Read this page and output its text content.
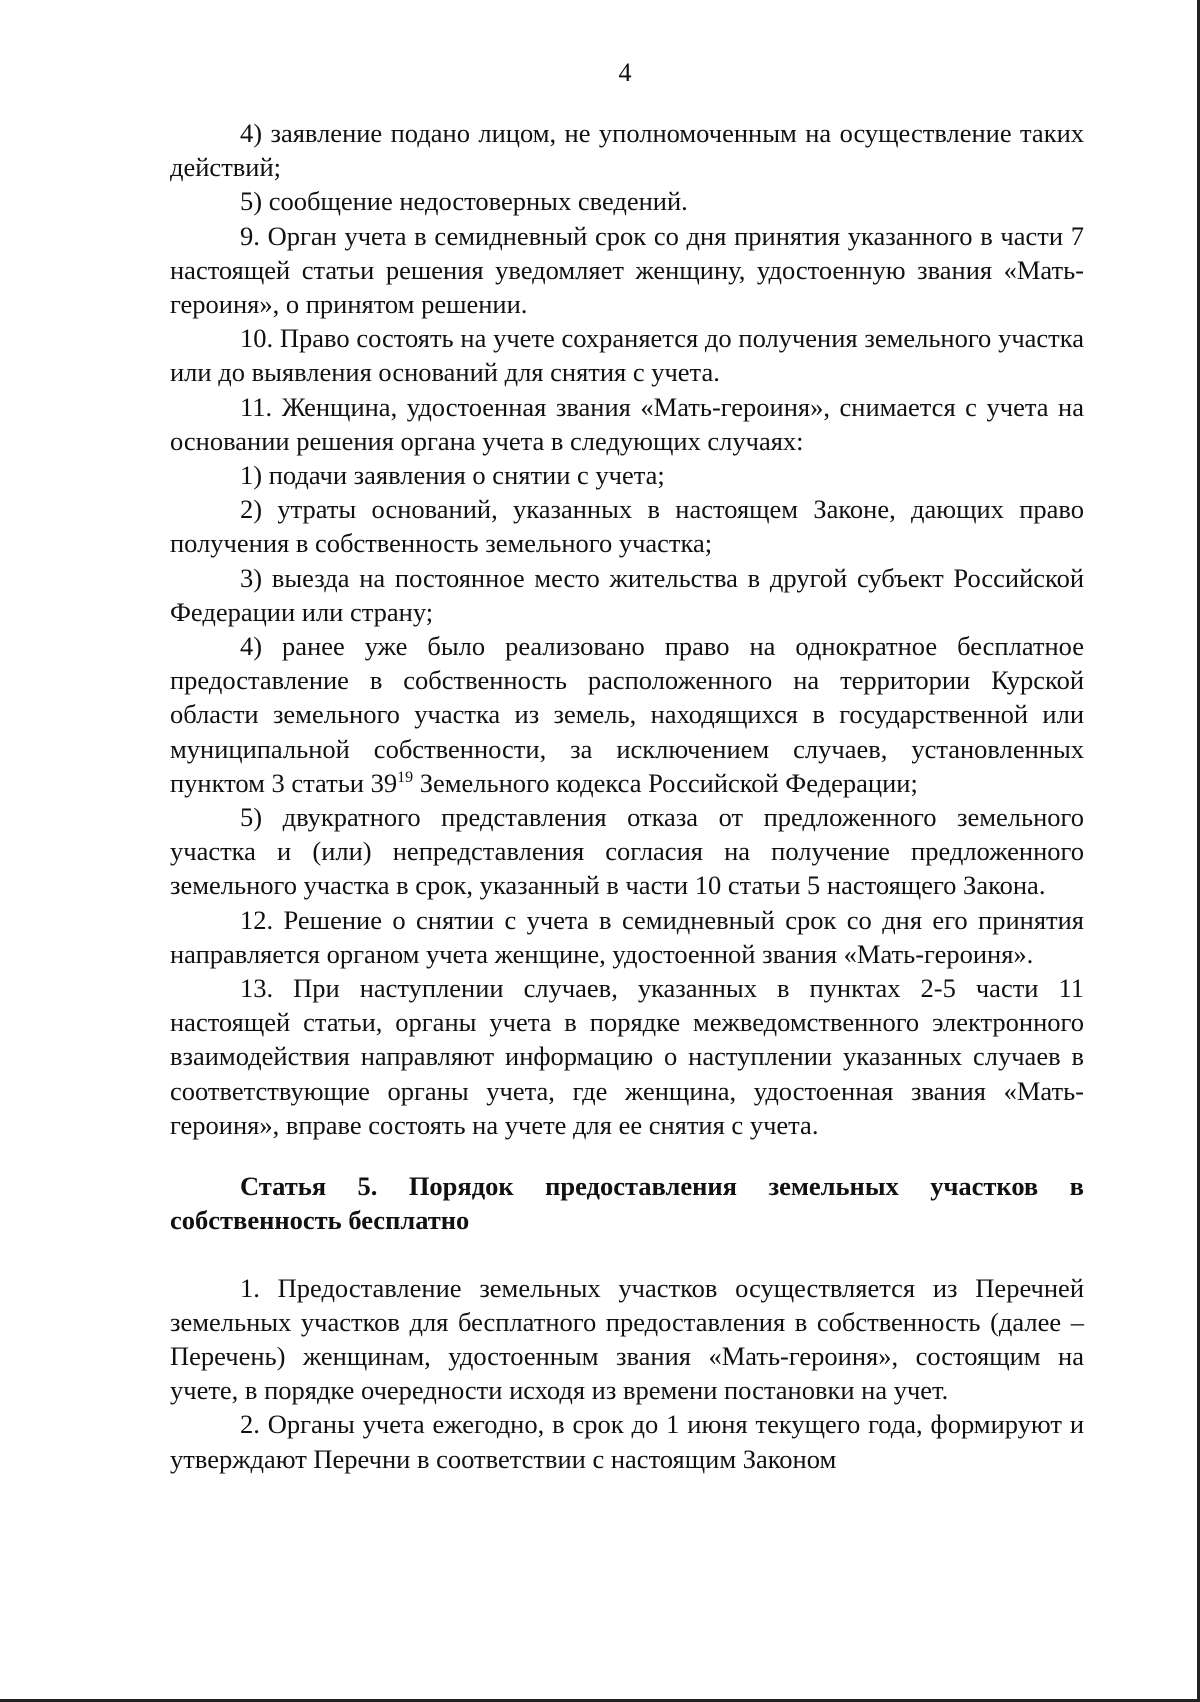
4

4) заявление подано лицом, не уполномоченным на осуществление таких действий;

5) сообщение недостоверных сведений.

9. Орган учета в семидневный срок со дня принятия указанного в части 7 настоящей статьи решения уведомляет женщину, удостоенную звания «Мать-героиня», о принятом решении.

10. Право состоять на учете сохраняется до получения земельного участка или до выявления оснований для снятия с учета.

11. Женщина, удостоенная звания «Мать-героиня», снимается с учета на основании решения органа учета в следующих случаях:

1) подачи заявления о снятии с учета;

2) утраты оснований, указанных в настоящем Законе, дающих право получения в собственность земельного участка;

3) выезда на постоянное место жительства в другой субъект Российской Федерации или страну;

4) ранее уже было реализовано право на однократное бесплатное предоставление в собственность расположенного на территории Курской области земельного участка из земель, находящихся в государственной или муниципальной собственности, за исключением случаев, установленных пунктом 3 статьи $39^{19}$ Земельного кодекса Российской Федерации;

5) двукратного представления отказа от предложенного земельного участка и (или) непредставления согласия на получение предложенного земельного участка в срок, указанный в части 10 статьи 5 настоящего Закона.

12. Решение о снятии с учета в семидневный срок со дня его принятия направляется органом учета женщине, удостоенной звания «Мать-героиня».

13. При наступлении случаев, указанных в пунктах 2-5 части 11 настоящей статьи, органы учета в порядке межведомственного электронного взаимодействия направляют информацию о наступлении указанных случаев в соответствующие органы учета, где женщина, удостоенная звания «Мать-героиня», вправе состоять на учете для ее снятия с учета.

Статья 5. Порядок предоставления земельных участков в собственность бесплатно

1. Предоставление земельных участков осуществляется из Перечней земельных участков для бесплатного предоставления в собственность (далее – Перечень) женщинам, удостоенным звания «Мать-героиня», состоящим на учете, в порядке очередности исходя из времени постановки на учет.

2. Органы учета ежегодно, в срок до 1 июня текущего года, формируют и утверждают Перечни в соответствии с настоящим Законом
